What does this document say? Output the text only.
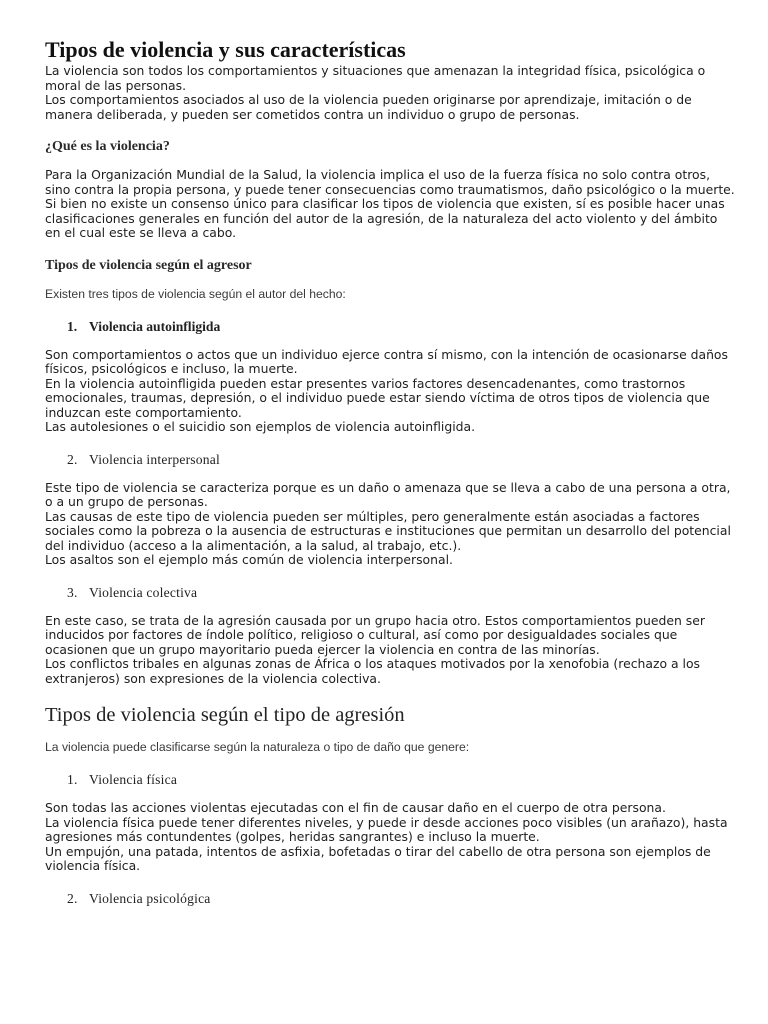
Tipos de violencia y sus características

La violencia son todos los comportamientos y situaciones que amenazan la integridad física, psicológica o moral de las personas.

Los comportamientos asociados al uso de la violencia pueden originarse por aprendizaje, imitación o de manera deliberada, y pueden ser cometidos contra un individuo o grupo de personas.

¿Qué es la violencia?

Para la Organización Mundial de la Salud, la violencia implica el uso de la fuerza física no solo contra otros, sino contra la propia persona, y puede tener consecuencias como traumatismos, daño psicológico o la muerte.

Si bien no existe un consenso único para clasificar los tipos de violencia que existen, sí es posible hacer unas clasificaciones generales en función del autor de la agresión, de la naturaleza del acto violento y del ámbito en el cual este se lleva a cabo.

Tipos de violencia según el agresor

Existen tres tipos de violencia según el autor del hecho:

1. Violencia autoinfligida

Son comportamientos o actos que un individuo ejerce contra sí mismo, con la intención de ocasionarse daños físicos, psicológicos e incluso, la muerte.

En la violencia autoinfligida pueden estar presentes varios factores desencadenantes, como trastornos emocionales, traumas, depresión, o el individuo puede estar siendo víctima de otros tipos de violencia que induzcan este comportamiento.

Las autolesiones o el suicidio son ejemplos de violencia autoinfligida.

2. Violencia interpersonal

Este tipo de violencia se caracteriza porque es un daño o amenaza que se lleva a cabo de una persona a otra, o a un grupo de personas.

Las causas de este tipo de violencia pueden ser múltiples, pero generalmente están asociadas a factores sociales como la pobreza o la ausencia de estructuras e instituciones que permitan un desarrollo del potencial del individuo (acceso a la alimentación, a la salud, al trabajo, etc.).

Los asaltos son el ejemplo más común de violencia interpersonal.

3. Violencia colectiva

En este caso, se trata de la agresión causada por un grupo hacia otro. Estos comportamientos pueden ser inducidos por factores de índole político, religioso o cultural, así como por desigualdades sociales que ocasionen que un grupo mayoritario pueda ejercer la violencia en contra de las minorías.

Los conflictos tribales en algunas zonas de África o los ataques motivados por la xenofobia (rechazo a los extranjeros) son expresiones de la violencia colectiva.

Tipos de violencia según el tipo de agresión

La violencia puede clasificarse según la naturaleza o tipo de daño que genere:

1. Violencia física

Son todas las acciones violentas ejecutadas con el fin de causar daño en el cuerpo de otra persona.

La violencia física puede tener diferentes niveles, y puede ir desde acciones poco visibles (un arañazo), hasta agresiones más contundentes (golpes, heridas sangrantes) e incluso la muerte.

Un empujón, una patada, intentos de asfixia, bofetadas o tirar del cabello de otra persona son ejemplos de violencia física.

2. Violencia psicológica
